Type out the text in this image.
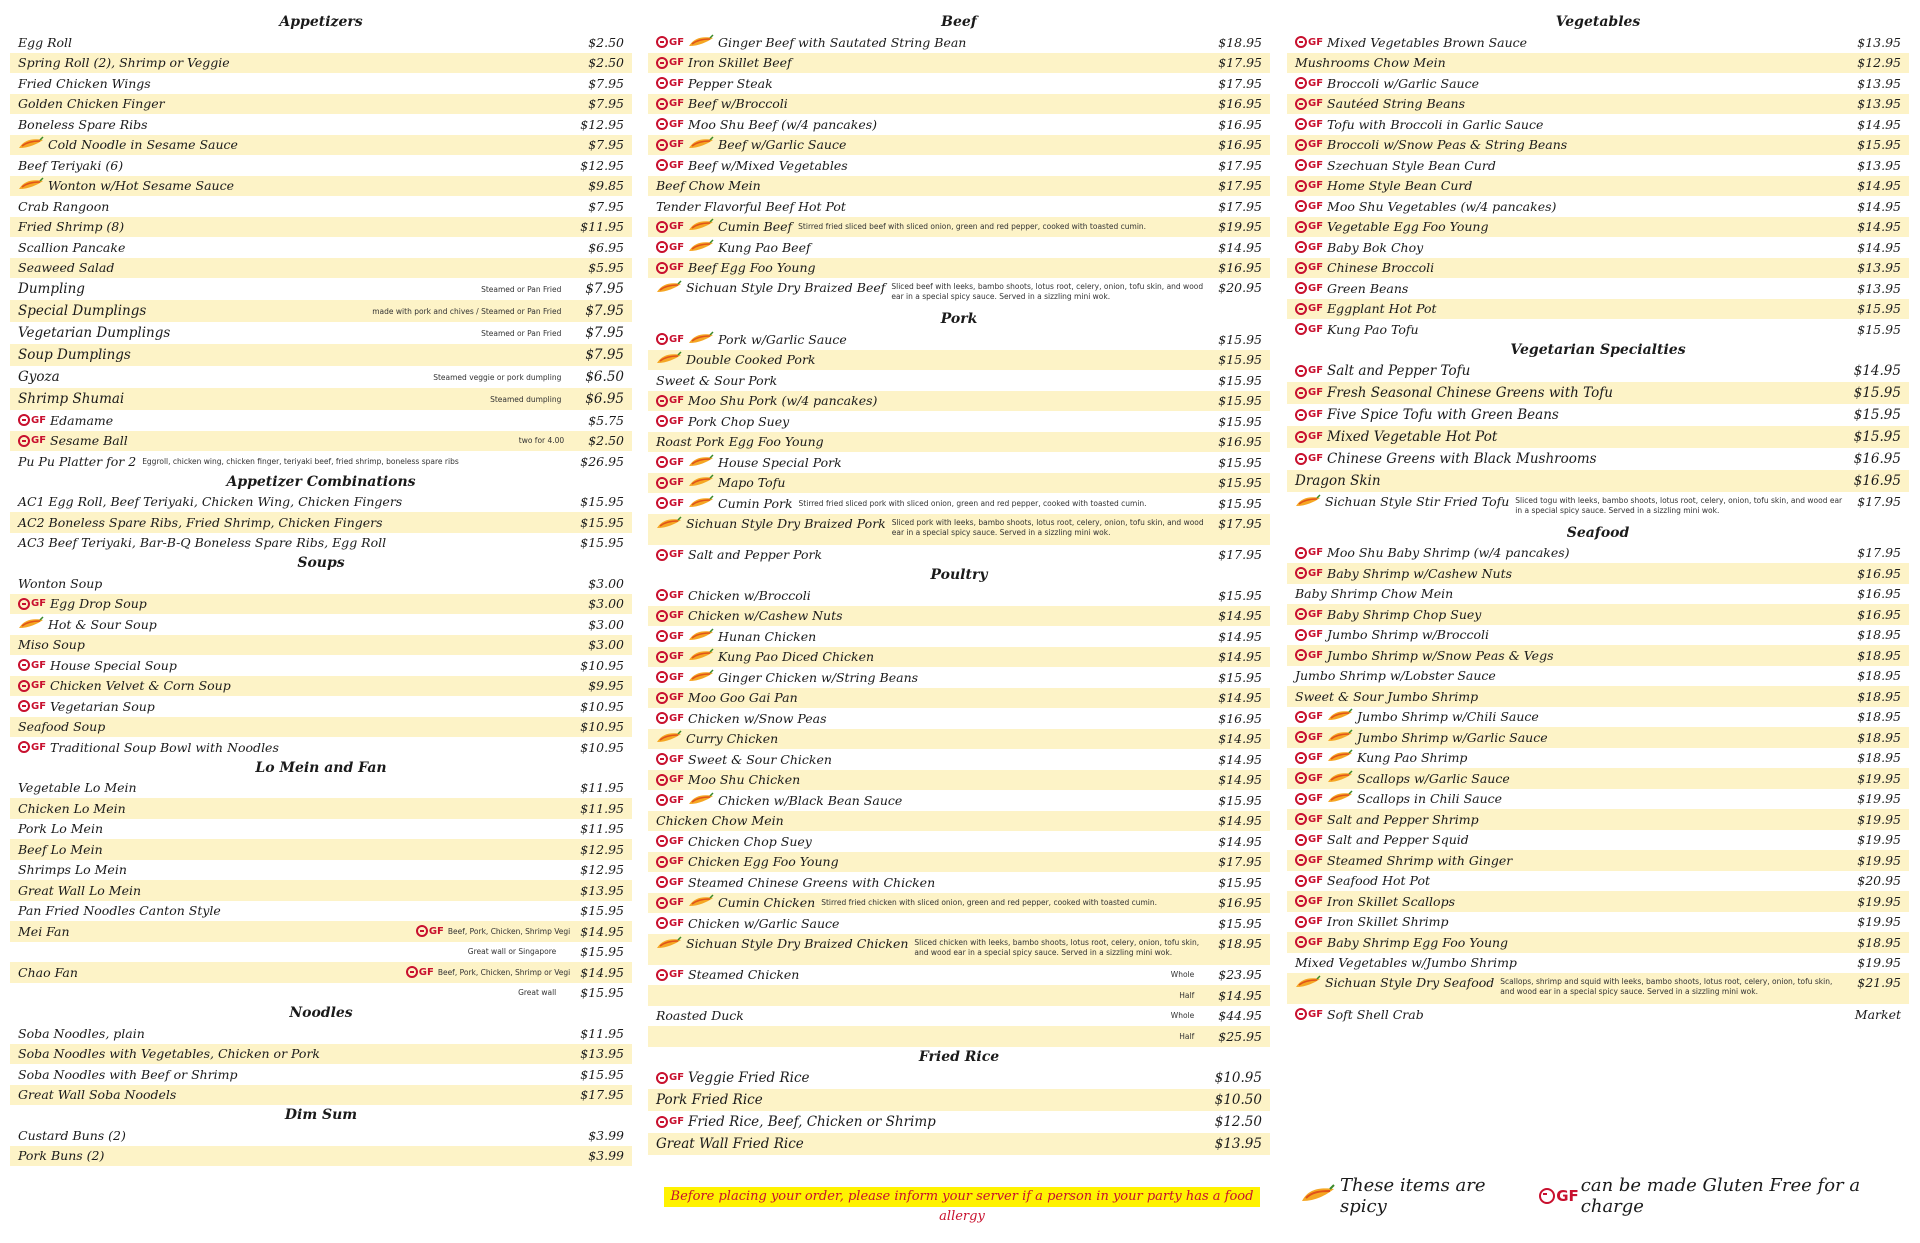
Appetizers
Egg Roll	$2.50
Spring Roll (2), Shrimp or Veggie	$2.50
Fried Chicken Wings	$7.95
Golden Chicken Finger	$7.95
Boneless Spare Ribs	$12.95
Cold Noodle in Sesame Sauce	$7.95
Beef Teriyaki (6)	$12.95
Wonton w/Hot Sesame Sauce	$9.85
Crab Rangoon	$7.95
Fried Shrimp (8)	$11.95
Scallion Pancake	$6.95
Seaweed Salad	$5.95
Dumpling	Steamed or Pan Fried	$7.95
Special Dumplings	made with pork and chives / Steamed or Pan Fried	$7.95
Vegetarian Dumplings	Steamed or Pan Fried	$7.95
Soup Dumplings	$7.95
Gyoza	Steamed veggie or pork dumpling	$6.50
Shrimp Shumai	Steamed dumpling	$6.95
GF Edamame	$5.75
GF Sesame Ball	two for 4.00	$2.50
Pu Pu Platter for 2 Eggroll, chicken wing, chicken finger, teriyaki beef, fried shrimp, boneless spare ribs	$26.95
Appetizer Combinations
AC1 Egg Roll, Beef Teriyaki, Chicken Wing, Chicken Fingers	$15.95
AC2 Boneless Spare Ribs, Fried Shrimp, Chicken Fingers	$15.95
AC3 Beef Teriyaki, Bar-B-Q Boneless Spare Ribs, Egg Roll	$15.95
Soups
Wonton Soup	$3.00
GF Egg Drop Soup	$3.00
Hot & Sour Soup	$3.00
Miso Soup	$3.00
GF House Special Soup	$10.95
GF Chicken Velvet & Corn Soup	$9.95
GF Vegetarian Soup	$10.95
Seafood Soup	$10.95
GF Traditional Soup Bowl with Noodles	$10.95
Lo Mein and Fan
Vegetable Lo Mein	$11.95
Chicken Lo Mein	$11.95
Pork Lo Mein	$11.95
Beef Lo Mein	$12.95
Shrimps Lo Mein	$12.95
Great Wall Lo Mein	$13.95
Pan Fried Noodles Canton Style	$15.95
Mei Fan	GF Beef, Pork, Chicken, Shrimp Vegi $14.95
Great wall or Singapore	$15.95
Chao Fan	GF Beef, Pork, Chicken, Shrimp or Vegi $14.95
Great wall	$15.95
Noodles
Soba Noodles, plain	$11.95
Soba Noodles with Vegetables, Chicken or Pork	$13.95
Soba Noodles with Beef or Shrimp	$15.95
Great Wall Soba Noodels	$17.95
Dim Sum
Custard Buns (2)	$3.99
Pork Buns (2)	$3.99
Beef
GF	Ginger Beef with Sautated String Bean	$18.95
GF Iron Skillet Beef	$17.95
GF Pepper Steak	$17.95
GF Beef w/Broccoli	$16.95
GF Moo Shu Beef (w/4 pancakes)	$16.95
GF	Beef w/Garlic Sauce	$16.95
GF Beef w/Mixed Vegetables	$17.95
Beef Chow Mein	$17.95
Tender Flavorful Beef Hot Pot	$17.95
GF	Cumin Beef Stirred fried sliced beef with sliced onion, green and red pepper, cooked with toasted cumin.	$19.95
GF	Kung Pao Beef	$14.95
GF Beef Egg Foo Young	$16.95
Sichuan Style Dry Braized Beef Sliced beef with leeks, bambo shoots, lotus root, celery, onion, tofu skin, and wood ear in a special spicy sauce. Served in a sizzling mini wok.
$20.95
Pork
GF	Pork w/Garlic Sauce	$15.95
Double Cooked Pork	$15.95
Sweet & Sour Pork	$15.95
GF Moo Shu Pork (w/4 pancakes)	$15.95
GF Pork Chop Suey	$15.95
Roast Pork Egg Foo Young	$16.95
GF	House Special Pork	$15.95
GF	Mapo Tofu	$15.95
GF	Cumin Pork Stirred fried sliced pork with sliced onion, green and red pepper, cooked with toasted cumin.	$15.95
Sichuan Style Dry Braized Pork Sliced pork with leeks, bambo shoots, lotus root, celery, onion, tofu skin, and wood ear in a special spicy sauce. Served in a sizzling mini wok.
$17.95
GF Salt and Pepper Pork	$17.95
Poultry
GF Chicken w/Broccoli	$15.95
GF Chicken w/Cashew Nuts	$14.95
GF	Hunan Chicken	$14.95
GF	Kung Pao Diced Chicken	$14.95
GF	Ginger Chicken w/String Beans	$15.95
GF Moo Goo Gai Pan	$14.95
GF Chicken w/Snow Peas	$16.95
Curry Chicken	$14.95
GF Sweet & Sour Chicken	$14.95
GF Moo Shu Chicken	$14.95
GF	Chicken w/Black Bean Sauce	$15.95
Chicken Chow Mein	$14.95
GF Chicken Chop Suey	$14.95
GF Chicken Egg Foo Young	$17.95
GF Steamed Chinese Greens with Chicken	$15.95
GF	Cumin Chicken Stirred fried chicken with sliced onion, green and red pepper, cooked with toasted cumin.	$16.95
GF Chicken w/Garlic Sauce	$15.95
Sichuan Style Dry Braized Chicken Sliced chicken with leeks, bambo shoots, lotus root, celery, onion, tofu skin, and wood ear in a special spicy sauce. Served in a sizzling mini wok.
$18.95
GF Steamed Chicken	Whole	$23.95
Half	$14.95
Roasted Duck	Whole	$44.95
Half	$25.95
Fried Rice
GF Veggie Fried Rice	$10.95
Pork Fried Rice	$10.50
GF Fried Rice, Beef, Chicken or Shrimp	$12.50
Great Wall Fried Rice	$13.95
Vegetables
GF Mixed Vegetables Brown Sauce	$13.95
Mushrooms Chow Mein	$12.95
GF Broccoli w/Garlic Sauce	$13.95
GF Sautéed String Beans	$13.95
GF Tofu with Broccoli in Garlic Sauce	$14.95
GF Broccoli w/Snow Peas & String Beans	$15.95
GF Szechuan Style Bean Curd	$13.95
GF Home Style Bean Curd	$14.95
GF Moo Shu Vegetables (w/4 pancakes)	$14.95
GF Vegetable Egg Foo Young	$14.95
GF Baby Bok Choy	$14.95
GF Chinese Broccoli	$13.95
GF Green Beans	$13.95
GF Eggplant Hot Pot	$15.95
GF Kung Pao Tofu	$15.95
Vegetarian Specialties
GF Salt and Pepper Tofu	$14.95
GF Fresh Seasonal Chinese Greens with Tofu	$15.95
GF Five Spice Tofu with Green Beans	$15.95
GF Mixed Vegetable Hot Pot	$15.95
GF Chinese Greens with Black Mushrooms	$16.95
Dragon Skin	$16.95
Sichuan Style Stir Fried Tofu Sliced togu with leeks, bambo shoots, lotus root, celery, onion, tofu skin, and wood ear in a special spicy sauce. Served in a sizzling mini wok.
$17.95
Seafood
GF Moo Shu Baby Shrimp (w/4 pancakes)	$17.95
GF Baby Shrimp w/Cashew Nuts	$16.95
Baby Shrimp Chow Mein	$16.95
GF Baby Shrimp Chop Suey	$16.95
GF Jumbo Shrimp w/Broccoli	$18.95
GF Jumbo Shrimp w/Snow Peas & Vegs	$18.95
Jumbo Shrimp w/Lobster Sauce	$18.95
Sweet & Sour Jumbo Shrimp	$18.95
GF	Jumbo Shrimp w/Chili Sauce	$18.95
GF	Jumbo Shrimp w/Garlic Sauce	$18.95
GF	Kung Pao Shrimp	$18.95
GF	Scallops w/Garlic Sauce	$19.95
GF	Scallops in Chili Sauce	$19.95
GF Salt and Pepper Shrimp	$19.95
GF Salt and Pepper Squid	$19.95
GF Steamed Shrimp with Ginger	$19.95
GF Seafood Hot Pot	$20.95
GF Iron Skillet Scallops	$19.95
GF Iron Skillet Shrimp	$19.95
GF Baby Shrimp Egg Foo Young	$18.95
Mixed Vegetables w/Jumbo Shrimp	$19.95
Sichuan Style Dry Seafood Scallops, shrimp and squid with leeks, bambo shoots, lotus root, celery, onion, tofu skin, and wood ear in a special spicy sauce. Served in a sizzling mini wok.
$21.95
GF Soft Shell Crab	Market
Before placing your order, please inform your server if a person in your party has a food allergy
These items are spicy	GF can be made Gluten Free for a charge
